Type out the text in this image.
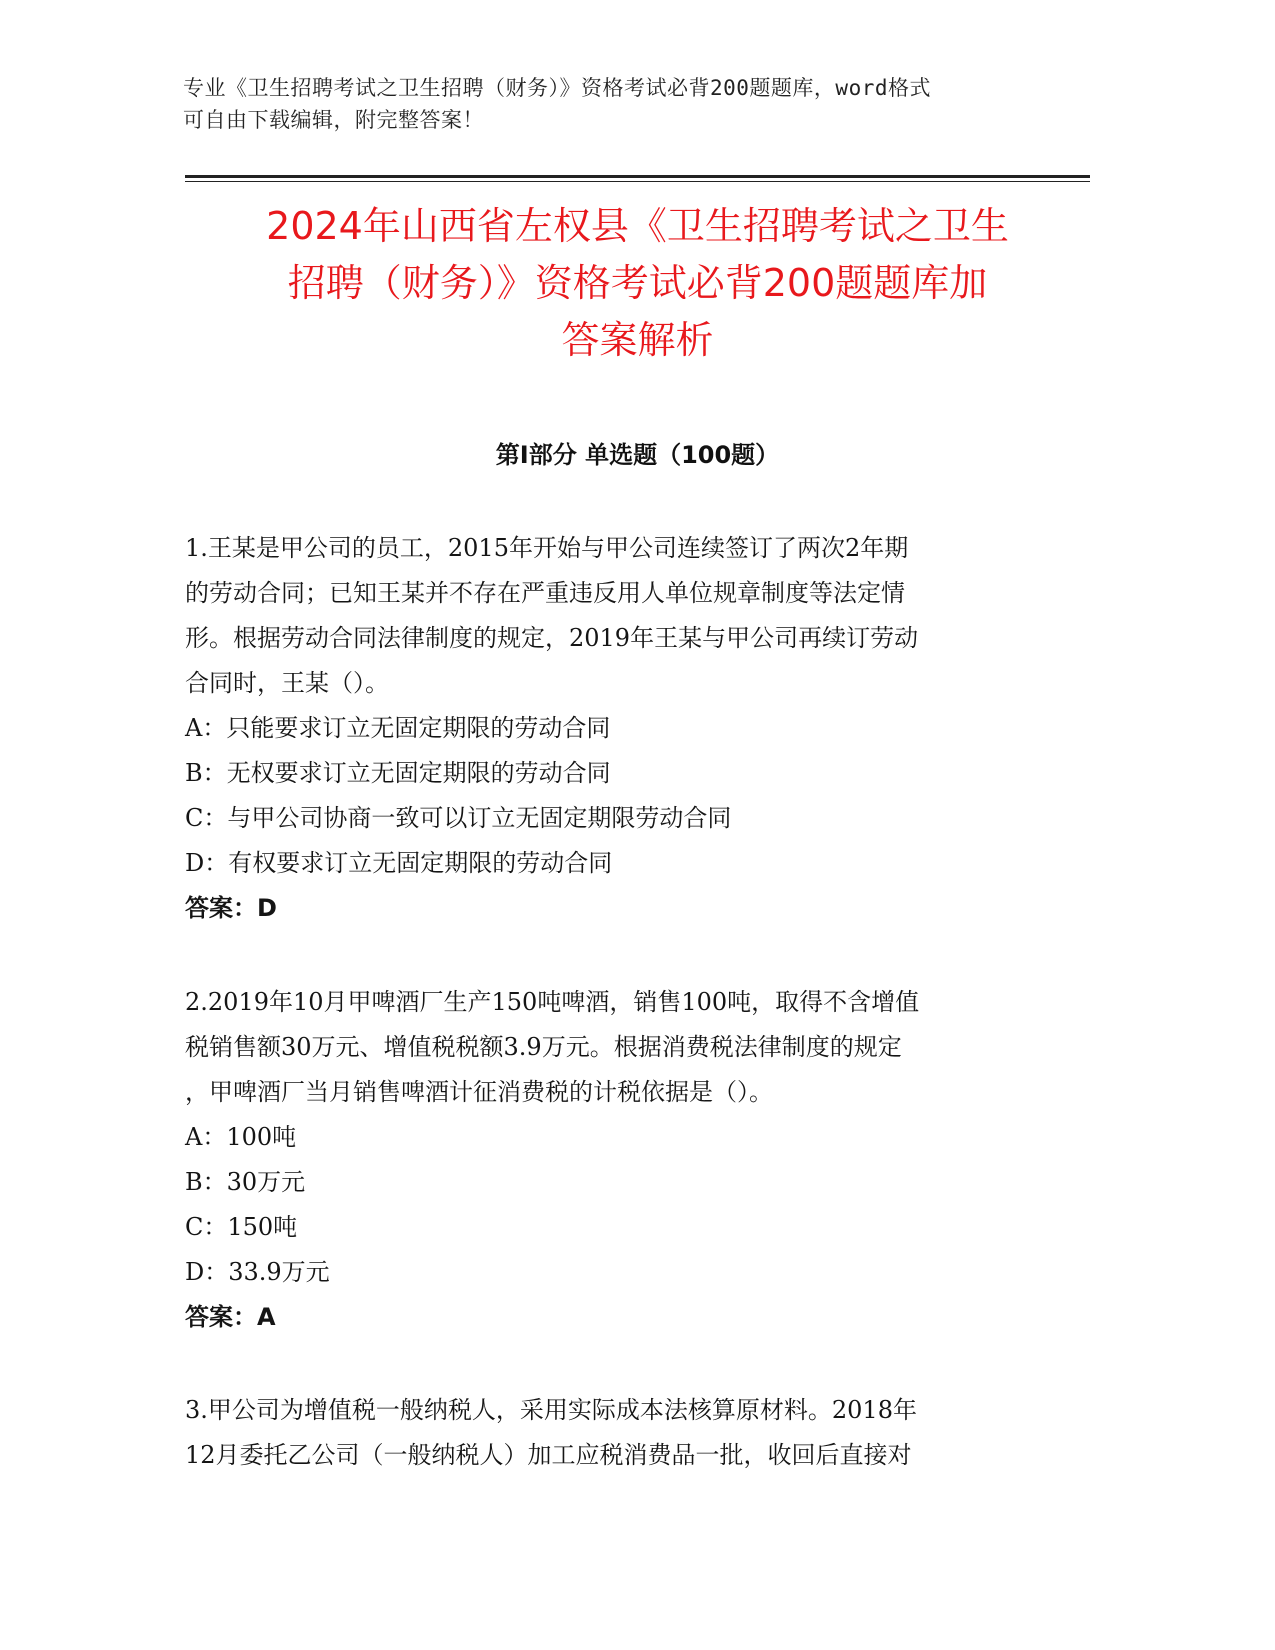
专业《卫生招聘考试之卫生招聘（财务）》资格考试必背200题题库，word格式
可自由下载编辑，附完整答案！
2024年山西省左权县《卫生招聘考试之卫生
招聘（财务）》资格考试必背200题题库加
答案解析
第I部分 单选题（100题）
1.王某是甲公司的员工，2015年开始与甲公司连续签订了两次2年期
的劳动合同；已知王某并不存在严重违反用人单位规章制度等法定情
形。根据劳动合同法律制度的规定，2019年王某与甲公司再续订劳动
合同时，王某（）。
A：只能要求订立无固定期限的劳动合同
B：无权要求订立无固定期限的劳动合同
C：与甲公司协商一致可以订立无固定期限劳动合同
D：有权要求订立无固定期限的劳动合同
答案：D
2.2019年10月甲啤酒厂生产150吨啤酒，销售100吨，取得不含增值
税销售额30万元、增值税税额3.9万元。根据消费税法律制度的规定
，甲啤酒厂当月销售啤酒计征消费税的计税依据是（）。
A：100吨
B：30万元
C：150吨
D：33.9万元
答案：A
3.甲公司为增值税一般纳税人，采用实际成本法核算原材料。2018年
12月委托乙公司（一般纳税人）加工应税消费品一批，收回后直接对
